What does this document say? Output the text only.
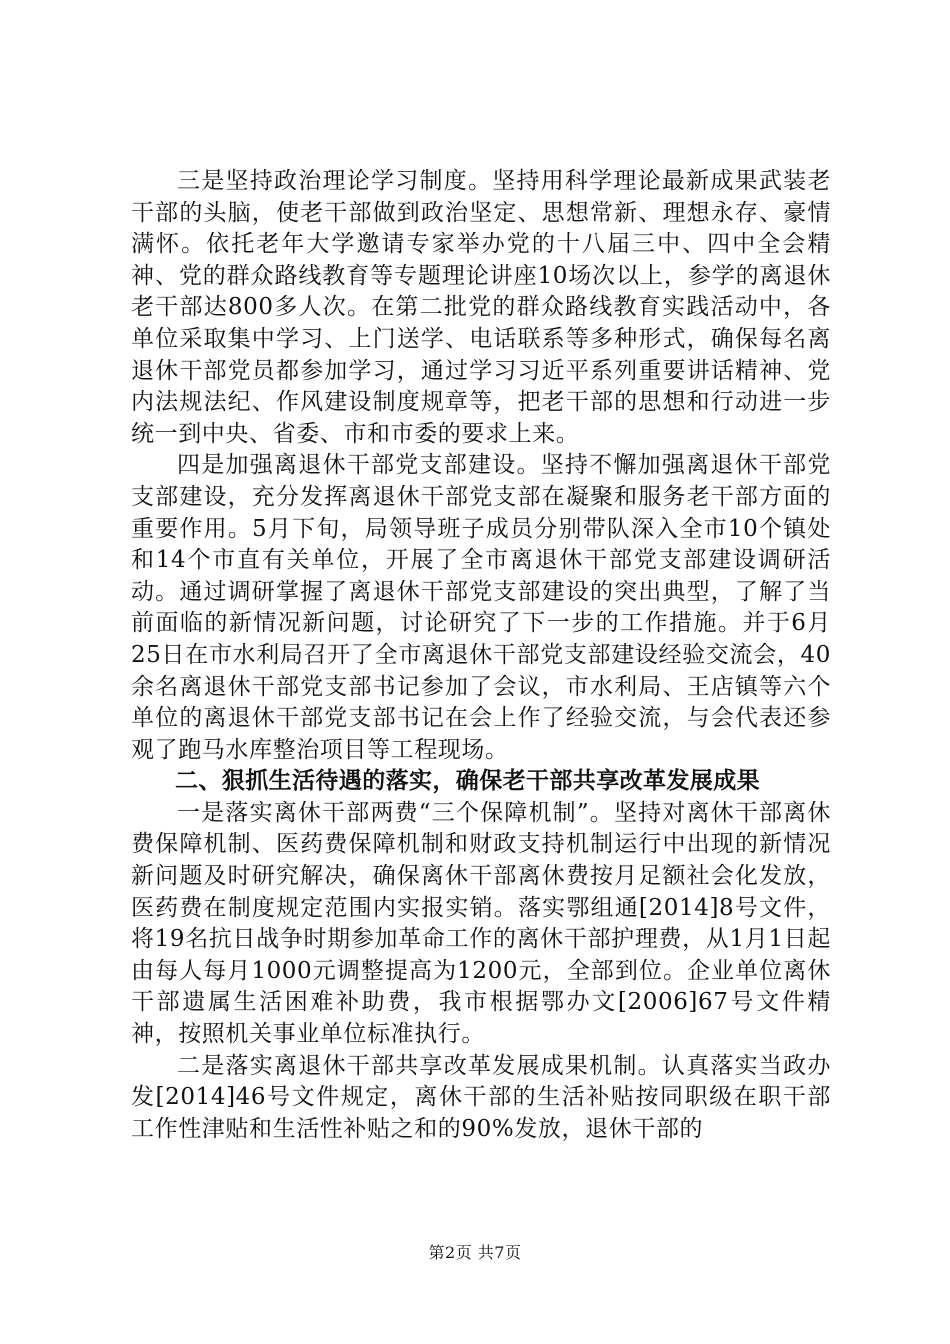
三是坚持政治理论学习制度。坚持用科学理论最新成果武装老干部的头脑，使老干部做到政治坚定、思想常新、理想永存、豪情满怀。依托老年大学邀请专家举办党的十八届三中、四中全会精神、党的群众路线教育等专题理论讲座10场次以上，参学的离退休老干部达800多人次。在第二批党的群众路线教育实践活动中，各单位采取集中学习、上门送学、电话联系等多种形式，确保每名离退休干部党员都参加学习，通过学习习近平系列重要讲话精神、党内法规法纪、作风建设制度规章等，把老干部的思想和行动进一步统一到中央、省委、市和市委的要求上来。

四是加强离退休干部党支部建设。坚持不懈加强离退休干部党支部建设，充分发挥离退休干部党支部在凝聚和服务老干部方面的重要作用。5月下旬，局领导班子成员分别带队深入全市10个镇处和14个市直有关单位，开展了全市离退休干部党支部建设调研活动。通过调研掌握了离退休干部党支部建设的突出典型，了解了当前面临的新情况新问题，讨论研究了下一步的工作措施。并于6月25日在市水利局召开了全市离退休干部党支部建设经验交流会，40余名离退休干部党支部书记参加了会议，市水利局、王店镇等六个单位的离退休干部党支部书记在会上作了经验交流，与会代表还参观了跑马水库整治项目等工程现场。

二、狠抓生活待遇的落实，确保老干部共享改革发展成果

一是落实离休干部两费“三个保障机制”。坚持对离休干部离休费保障机制、医药费保障机制和财政支持机制运行中出现的新情况新问题及时研究解决，确保离休干部离休费按月足额社会化发放，医药费在制度规定范围内实报实销。落实鄂组通[2014]8号文件，将19名抗日战争时期参加革命工作的离休干部护理费，从1月1日起由每人每月1000元调整提高为1200元，全部到位。企业单位离休干部遗属生活困难补助费，我市根据鄂办文[2006]67号文件精神，按照机关事业单位标准执行。

二是落实离退休干部共享改革发展成果机制。认真落实当政办发[2014]46号文件规定，离休干部的生活补贴按同职级在职干部工作性津贴和生活性补贴之和的90%发放，退休干部的

第2页 共7页
